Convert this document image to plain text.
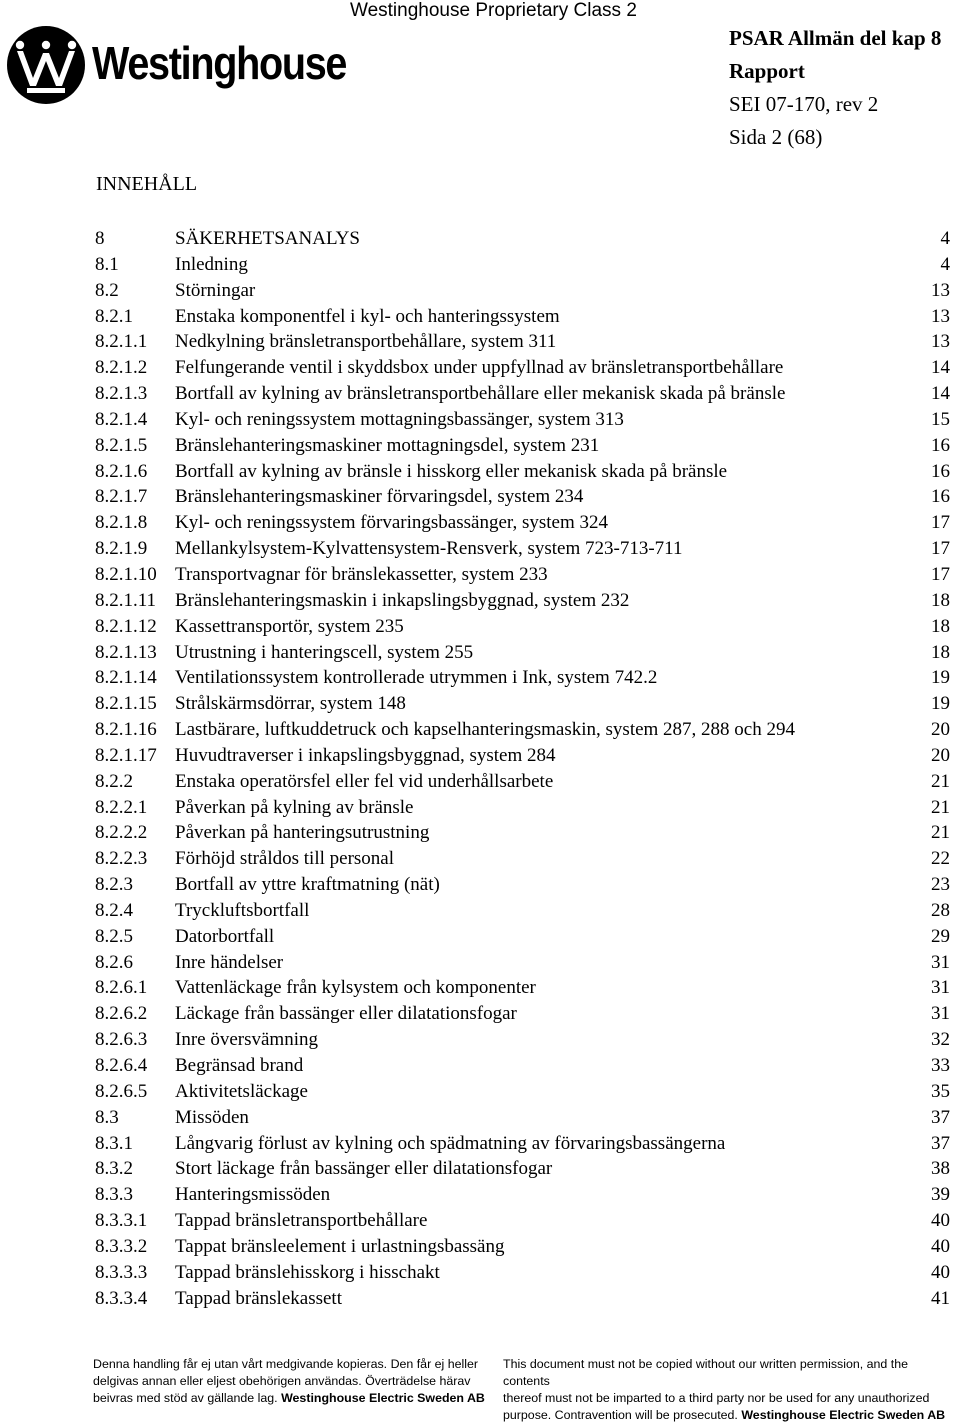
Westinghouse Proprietary Class 2
Westinghouse	PSAR Allmän del kap 8
Rapport
SEI 07-170, rev 2
Sida 2 (68)
INNEHÅLL
8	SÄKERHETSANALYS	4
8.1	Inledning	4
8.2	Störningar	13
8.2.1 Enstaka komponentfel i kyl- och hanteringssystem	13
8.2.1.1 Nedkylning bränsletransportbehållare, system 311	13
8.2.1.2 Felfungerande ventil i skyddsbox under uppfyllnad av bränsletransportbehållare	14
8.2.1.3 Bortfall av kylning av bränsletransportbehållare eller mekanisk skada på bränsle	14
8.2.1.4 Kyl- och reningssystem mottagningsbassänger, system 313	15
8.2.1.5 Bränslehanteringsmaskiner mottagningsdel, system 231	16
8.2.1.6 Bortfall av kylning av bränsle i hisskorg eller mekanisk skada på bränsle	16
8.2.1.7 Bränslehanteringsmaskiner förvaringsdel, system 234	16
8.2.1.8 Kyl- och reningssystem förvaringsbassänger, system 324	17
8.2.1.9 Mellankylsystem-Kylvattensystem-Rensverk, system 723-713-711	17
8.2.1.10 Transportvagnar för bränslekassetter, system 233	17
8.2.1.11 Bränslehanteringsmaskin i inkapslingsbyggnad, system 232	18
8.2.1.12 Kassettransportör, system 235	18
8.2.1.13 Utrustning i hanteringscell, system 255	18
8.2.1.14 Ventilationssystem kontrollerade utrymmen i Ink, system 742.2	19
8.2.1.15 Strålskärmsdörrar, system 148	19
8.2.1.16 Lastbärare, luftkuddetruck och kapselhanteringsmaskin, system 287, 288 och 294	20
8.2.1.17 Huvudtraverser i inkapslingsbyggnad, system 284	20
8.2.2 Enstaka operatörsfel eller fel vid underhållsarbete	21
8.2.2.1 Påverkan på kylning av bränsle	21
8.2.2.2 Påverkan på hanteringsutrustning	21
8.2.2.3 Förhöjd stråldos till personal	22
8.2.3 Bortfall av yttre kraftmatning (nät)	23
8.2.4 Tryckluftsbortfall	28
8.2.5 Datorbortfall	29
8.2.6 Inre händelser	31
8.2.6.1 Vattenläckage från kylsystem och komponenter	31
8.2.6.2 Läckage från bassänger eller dilatationsfogar	31
8.2.6.3 Inre översvämning	32
8.2.6.4 Begränsad brand	33
8.2.6.5 Aktivitetsläckage	35
8.3	Missöden	37
8.3.1 Långvarig förlust av kylning och spädmatning av förvaringsbassängerna	37
8.3.2 Stort läckage från bassänger eller dilatationsfogar	38
8.3.3 Hanteringsmissöden	39
8.3.3.1 Tappad bränsletransportbehållare	40
8.3.3.2 Tappat bränsleelement i urlastningsbassäng	40
8.3.3.3 Tappad bränslehisskorg i hisschakt	40
8.3.3.4 Tappad bränslekassett	41
Denna handling får ej utan vårt medgivande kopieras. Den får ej heller
delgivas annan eller eljest obehörigen användas. Överträdelse härav
beivras med stöd av gällande lag. Westinghouse Electric Sweden AB
This document must not be copied without our written permission, and the contents
thereof must not be imparted to a third party nor be used for any unauthorized
purpose. Contravention will be prosecuted. Westinghouse Electric Sweden AB
